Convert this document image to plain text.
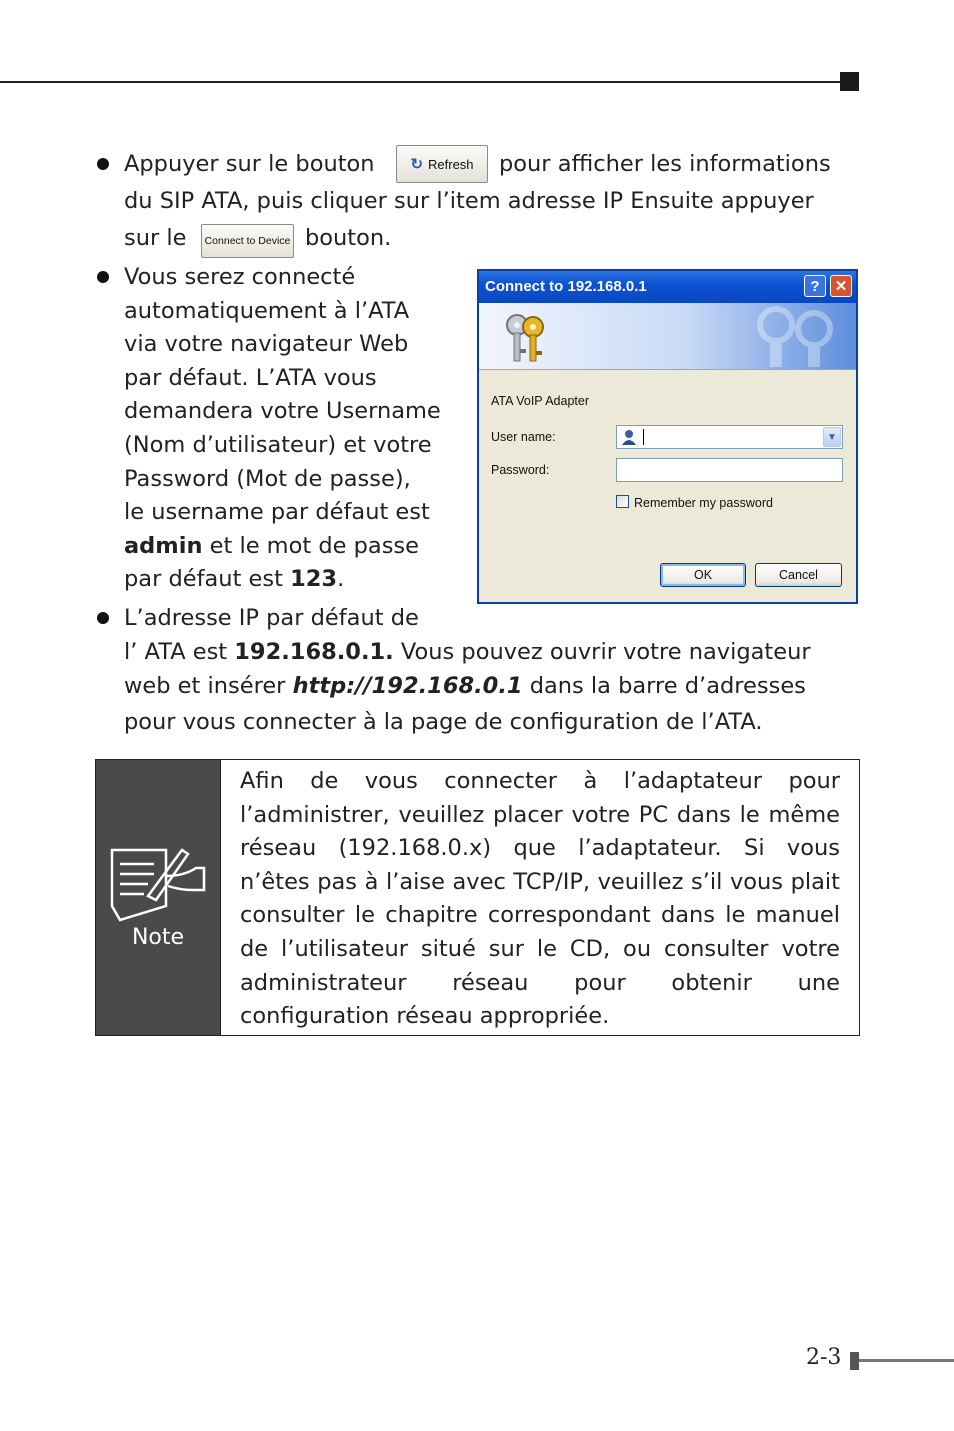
Appuyer sur le bouton ↻ Refresh pour afficher les informations
du SIP ATA, puis cliquer sur l’item adresse IP Ensuite appuyer
sur le	Connect to Device bouton.
Vous serez connecté
automatiquement à l’ATA
via votre navigateur Web
par défaut. L’ATA vous
demandera votre Username
(Nom d’utilisateur) et votre
Password (Mot de passe),
le username par défaut est
admin et le mot de passe
par défaut est 123.
Connect to 192.168.0.1	?	✕
ATA VoIP Adapter
User name:	▼
Password:
Remember my password
OK	Cancel
L’adresse IP par défaut de
l’ ATA est 192.168.0.1. Vous pouvez ouvrir votre navigateur
web et insérer http://192.168.0.1 dans la barre d’adresses
pour vous connecter à la page de configuration de l’ATA.
Note
Afin de vous connecter à l’adaptateur pour l’administrer, veuillez placer votre PC dans le même réseau (192.168.0.x) que l’adaptateur. Si vous n’êtes pas à l’aise avec TCP/IP, veuillez s’il vous plait consulter le chapitre correspondant dans le manuel de l’utilisateur situé sur le CD, ou consulter votre administrateur réseau pour obtenir une configuration réseau appropriée.
2-3
